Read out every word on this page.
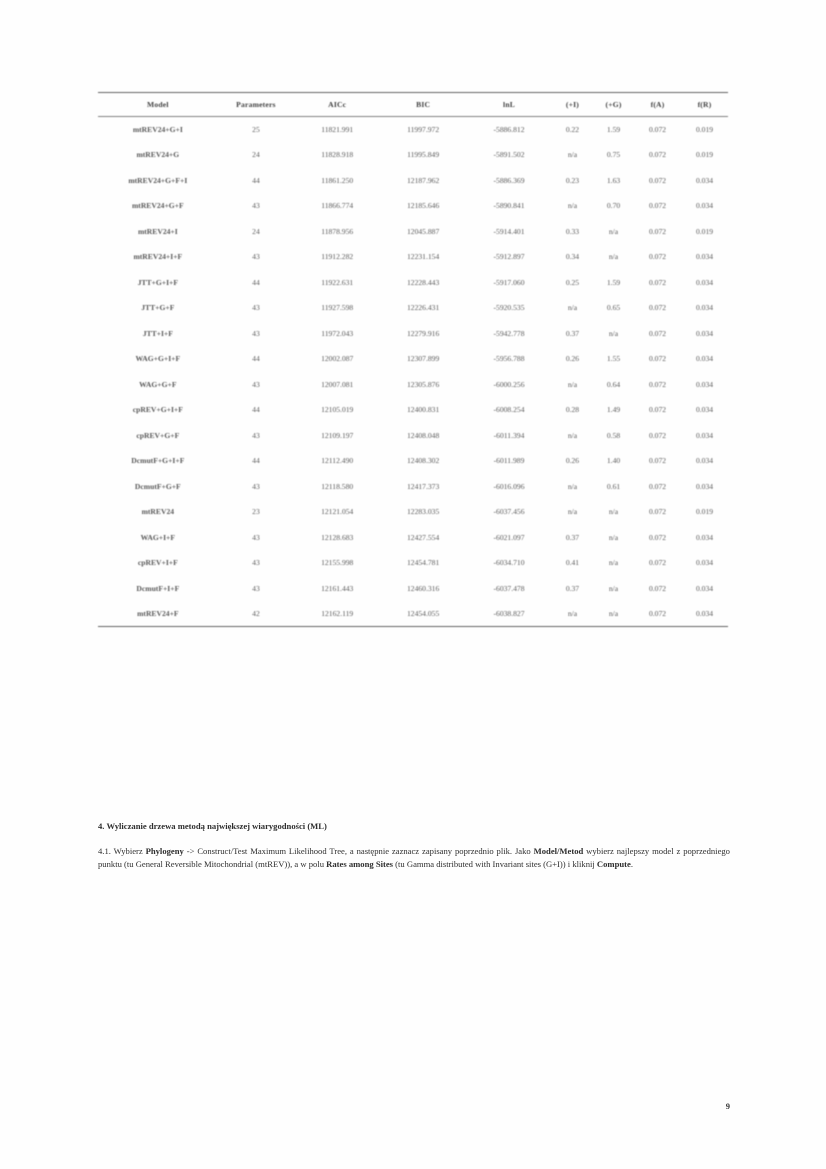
Model	Parameters	AICc	BIC	lnL	(+I)	(+G)	f(A)	f(R)
mtREV24+G+I	25	11821.991	11997.972	-5886.812	0.22	1.59	0.072	0.019
mtREV24+G	24	11828.918	11995.849	-5891.502	n/a	0.75	0.072	0.019
mtREV24+G+F+I	44	11861.250	12187.962	-5886.369	0.23	1.63	0.072	0.034
mtREV24+G+F	43	11866.774	12185.646	-5890.841	n/a	0.70	0.072	0.034
mtREV24+I	24	11878.956	12045.887	-5914.401	0.33	n/a	0.072	0.019
mtREV24+I+F	43	11912.282	12231.154	-5912.897	0.34	n/a	0.072	0.034
JTT+G+I+F	44	11922.631	12228.443	-5917.060	0.25	1.59	0.072	0.034
JTT+G+F	43	11927.598	12226.431	-5920.535	n/a	0.65	0.072	0.034
JTT+I+F	43	11972.043	12279.916	-5942.778	0.37	n/a	0.072	0.034
WAG+G+I+F	44	12002.087	12307.899	-5956.788	0.26	1.55	0.072	0.034
WAG+G+F	43	12007.081	12305.876	-6000.256	n/a	0.64	0.072	0.034
cpREV+G+I+F	44	12105.019	12400.831	-6008.254	0.28	1.49	0.072	0.034
cpREV+G+F	43	12109.197	12408.048	-6011.394	n/a	0.58	0.072	0.034
DcmutF+G+I+F	44	12112.490	12408.302	-6011.989	0.26	1.40	0.072	0.034
DcmutF+G+F	43	12118.580	12417.373	-6016.096	n/a	0.61	0.072	0.034
mtREV24	23	12121.054	12283.035	-6037.456	n/a	n/a	0.072	0.019
WAG+I+F	43	12128.683	12427.554	-6021.097	0.37	n/a	0.072	0.034
cpREV+I+F	43	12155.998	12454.781	-6034.710	0.41	n/a	0.072	0.034
DcmutF+I+F	43	12161.443	12460.316	-6037.478	0.37	n/a	0.072	0.034
mtREV24+F	42	12162.119	12454.055	-6038.827	n/a	n/a	0.072	0.034
4. Wyliczanie drzewa metodą największej wiarygodności (ML)
4.1. Wybierz Phylogeny -> Construct/Test Maximum Likelihood Tree, a następnie zaznacz zapisany poprzednio plik. Jako Model/Metod wybierz najlepszy model z poprzedniego punktu (tu General Reversible Mitochondrial (mtREV)), a w polu Rates among Sites (tu Gamma distributed with Invariant sites (G+I)) i kliknij Compute.
9
